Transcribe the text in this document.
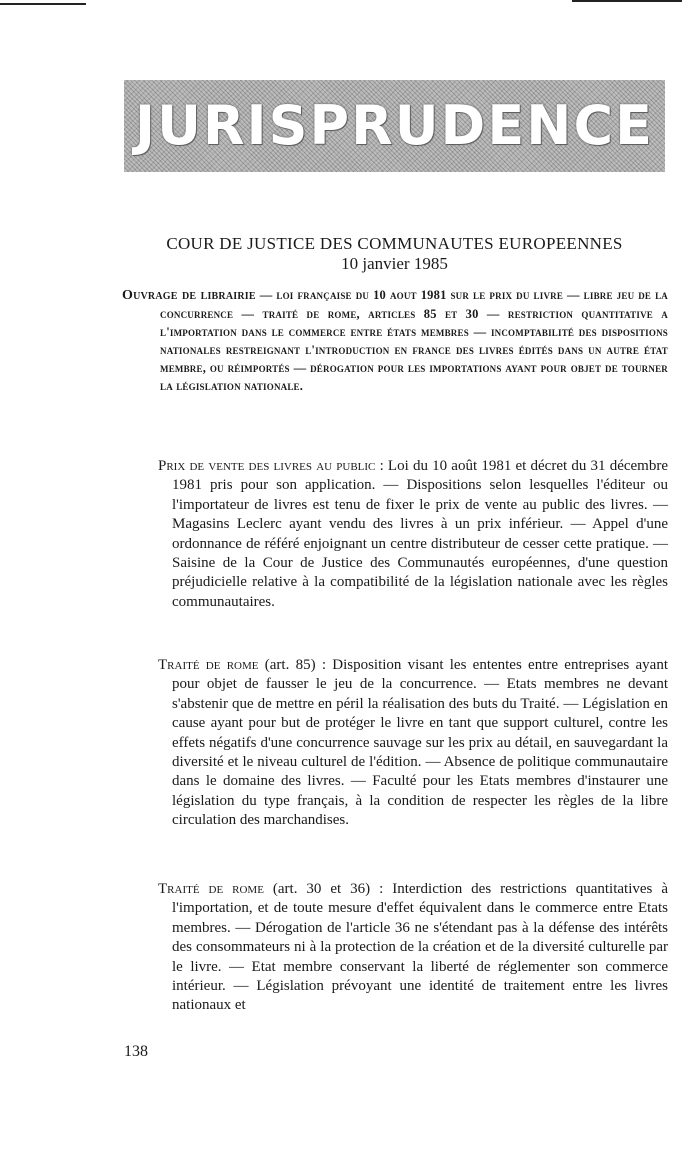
JURISPRUDENCE
COUR DE JUSTICE DES COMMUNAUTES EUROPEENNES
10 janvier 1985
Ouvrage de librairie — loi française du 10 aout 1981 sur le prix du livre — libre jeu de la concurrence — traité de rome, articles 85 et 30 — restriction quantitative a l'importation dans le commerce entre états membres — incomptabilité des dispositions nationales restreignant l'introduction en france des livres édités dans un autre état membre, ou réimportés — dérogation pour les importations ayant pour objet de tourner la législation nationale.
Prix de vente des livres au public : Loi du 10 août 1981 et décret du 31 décembre 1981 pris pour son application. — Dispositions selon lesquelles l'éditeur ou l'importateur de livres est tenu de fixer le prix de vente au public des livres. — Magasins Leclerc ayant vendu des livres à un prix inférieur. — Appel d'une ordonnance de référé enjoignant un centre distributeur de cesser cette pratique. — Saisine de la Cour de Justice des Communautés européennes, d'une question préjudicielle relative à la compatibilité de la législation nationale avec les règles communautaires.
Traité de rome (art. 85) : Disposition visant les ententes entre entreprises ayant pour objet de fausser le jeu de la concurrence. — Etats membres ne devant s'abstenir que de mettre en péril la réalisation des buts du Traité. — Législation en cause ayant pour but de protéger le livre en tant que support culturel, contre les effets négatifs d'une concurrence sauvage sur les prix au détail, en sauvegardant la diversité et le niveau culturel de l'édition. — Absence de politique communautaire dans le domaine des livres. — Faculté pour les Etats membres d'instaurer une législation du type français, à la condition de respecter les règles de la libre circulation des marchandises.
Traité de rome (art. 30 et 36) : Interdiction des restrictions quantitatives à l'importation, et de toute mesure d'effet équivalent dans le commerce entre Etats membres. — Dérogation de l'article 36 ne s'étendant pas à la défense des intérêts des consommateurs ni à la protection de la création et de la diversité culturelle par le livre. — Etat membre conservant la liberté de réglementer son commerce intérieur. — Législation prévoyant une identité de traitement entre les livres nationaux et
138
